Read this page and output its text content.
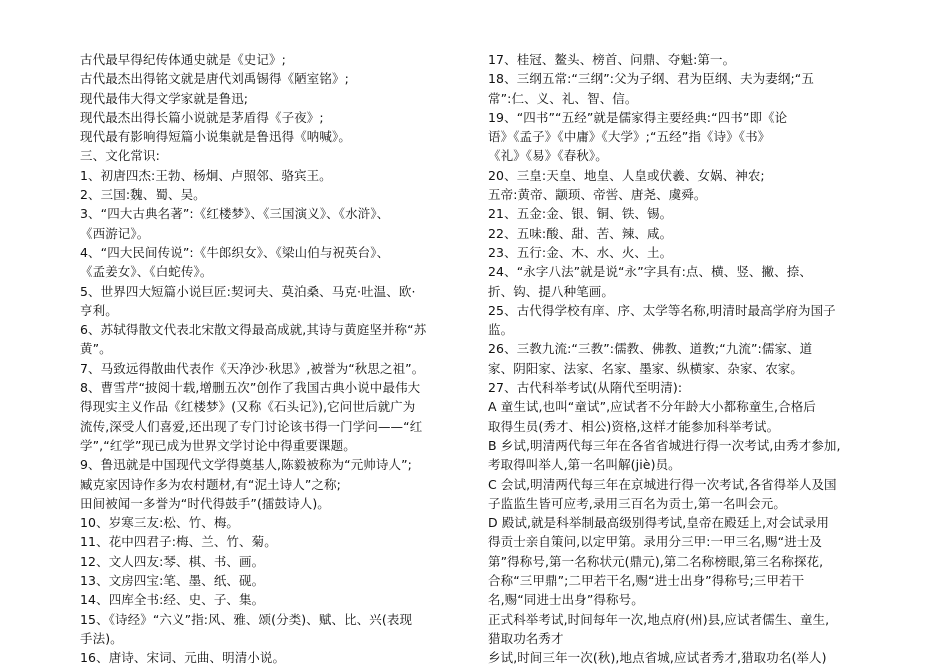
古代最早得纪传体通史就是《史记》;
古代最杰出得铭文就是唐代刘禹锡得《陋室铭》;
现代最伟大得文学家就是鲁迅;
现代最杰出得长篇小说就是茅盾得《子夜》;
现代最有影响得短篇小说集就是鲁迅得《呐喊》。
三、文化常识:
1、初唐四杰:王勃、杨炯、卢照邻、骆宾王。
2、三国:魏、蜀、吴。
3、“四大古典名著”:《红楼梦》、《三国演义》、《水浒》、
《西游记》。
4、“四大民间传说”:《牛郎织女》、《梁山伯与祝英台》、
《孟姜女》、《白蛇传》。
5、世界四大短篇小说巨匠:契诃夫、莫泊桑、马克·吐温、欧·
亨利。
6、苏轼得散文代表北宋散文得最高成就,其诗与黄庭坚并称“苏
黄”。
7、马致远得散曲代表作《天净沙·秋思》,被誉为“秋思之祖”。
8、曹雪芹“披阅十载,增删五次”创作了我国古典小说中最伟大
得现实主义作品《红楼梦》(又称《石头记》),它问世后就广为
流传,深受人们喜爱,还出现了专门讨论该书得一门学问——“红
学”,“红学”现已成为世界文学讨论中得重要课题。
9、鲁迅就是中国现代文学得奠基人,陈毅被称为“元帅诗人”;
臧克家因诗作多为农村题材,有“泥土诗人”之称;
田间被闻一多誉为“时代得鼓手”(擂鼓诗人)。
10、岁寒三友:松、竹、梅。
11、花中四君子:梅、兰、竹、菊。
12、文人四友:琴、棋、书、画。
13、文房四宝:笔、墨、纸、砚。
14、四库全书:经、史、子、集。
15、《诗经》“六义”指:风、雅、颂(分类)、赋、比、兴(表现
手法)。
16、唐诗、宋词、元曲、明清小说。
17、桂冠、鳌头、榜首、问鼎、夺魁:第一。
18、三纲五常:“三纲”:父为子纲、君为臣纲、夫为妻纲;“五
常”:仁、义、礼、智、信。
19、“四书”“五经”就是儒家得主要经典:“四书”即《论
语》《孟子》《中庸》《大学》;“五经”指《诗》《书》
《礼》《易》《春秋》。
20、三皇:天皇、地皇、人皇或伏羲、女娲、神农;
五帝:黄帝、颛顼、帝喾、唐尧、虞舜。
21、五金:金、银、铜、铁、锡。
22、五味:酸、甜、苦、辣、咸。
23、五行:金、木、水、火、土。
24、“永字八法”就是说“永”字具有:点、横、竖、撇、捺、
折、钩、提八种笔画。
25、古代得学校有庠、序、太学等名称,明清时最高学府为国子
监。
26、三教九流:“三教”:儒教、佛教、道教;“九流”:儒家、道
家、阴阳家、法家、名家、墨家、纵横家、杂家、农家。
27、古代科举考试(从隋代至明清):
A 童生试,也叫“童试”,应试者不分年龄大小都称童生,合格后
取得生员(秀才、相公)资格,这样才能参加科举考试。
B 乡试,明清两代每三年在各省省城进行得一次考试,由秀才参加,
考取得叫举人,第一名叫解(jiè)员。
C 会试,明清两代每三年在京城进行得一次考试,各省得举人及国
子监监生皆可应考,录用三百名为贡士,第一名叫会元。
D 殿试,就是科举制最高级别得考试,皇帝在殿廷上,对会试录用
得贡士亲自策问,以定甲第。录用分三甲:一甲三名,赐“进士及
第”得称号,第一名称状元(鼎元),第二名称榜眼,第三名称探花,
合称“三甲鼎”;二甲若干名,赐“进士出身”得称号;三甲若干
名,赐“同进士出身”得称号。
正式科举考试,时间每年一次,地点府(州)县,应试者儒生、童生,
猎取功名秀才
乡试,时间三年一次(秋),地点省城,应试者秀才,猎取功名(举人)
